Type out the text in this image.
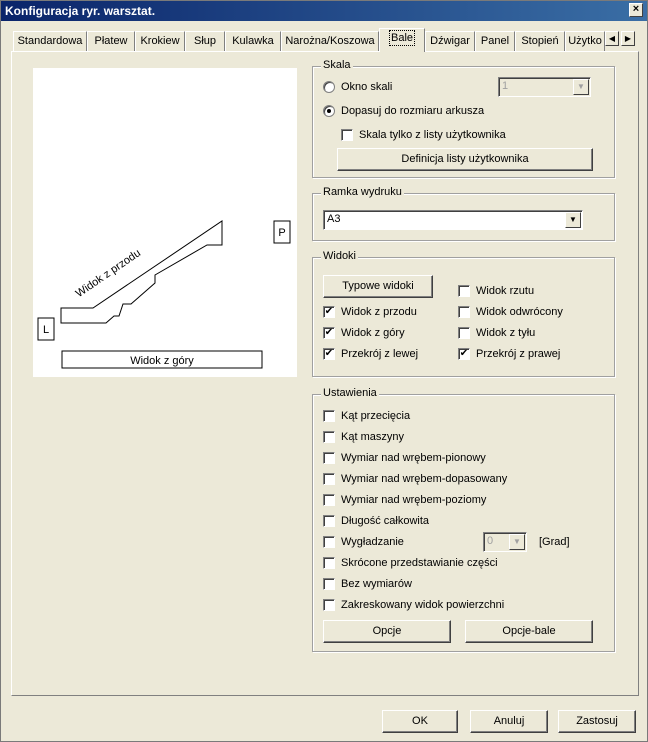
Konfiguracja ryr. warsztat.	×
Standardowa	Płatew	Krokiew	Słup	Kulawka	Narożna/Koszowa	Bale	Dźwigar	Panel	Stopień Użytko ◀	▶
Widok z przodu
Widok z góry
L
P
Skala
Okno skali	1	▼
Dopasuj do rozmiaru arkusza
Skala tylko z listy użytkownika
Definicja listy użytkownika
Ramka wydruku
A3	▼
Widoki
Typowe widoki
✔ Widok z przodu
✔ Widok z góry
✔ Przekrój z lewej
Widok rzutu
Widok odwrócony
Widok z tyłu
✔ Przekrój z prawej
Ustawienia
Kąt przecięcia
Kąt maszyny
Wymiar nad wrębem-pionowy
Wymiar nad wrębem-dopasowany
Wymiar nad wrębem-poziomy
Długość całkowita
Wygładzanie	0	▼	[Grad]
Skrócone przedstawianie części
Bez wymiarów
Zakreskowany widok powierzchni
Opcje	Opcje-bale
OK	Anuluj	Zastosuj
